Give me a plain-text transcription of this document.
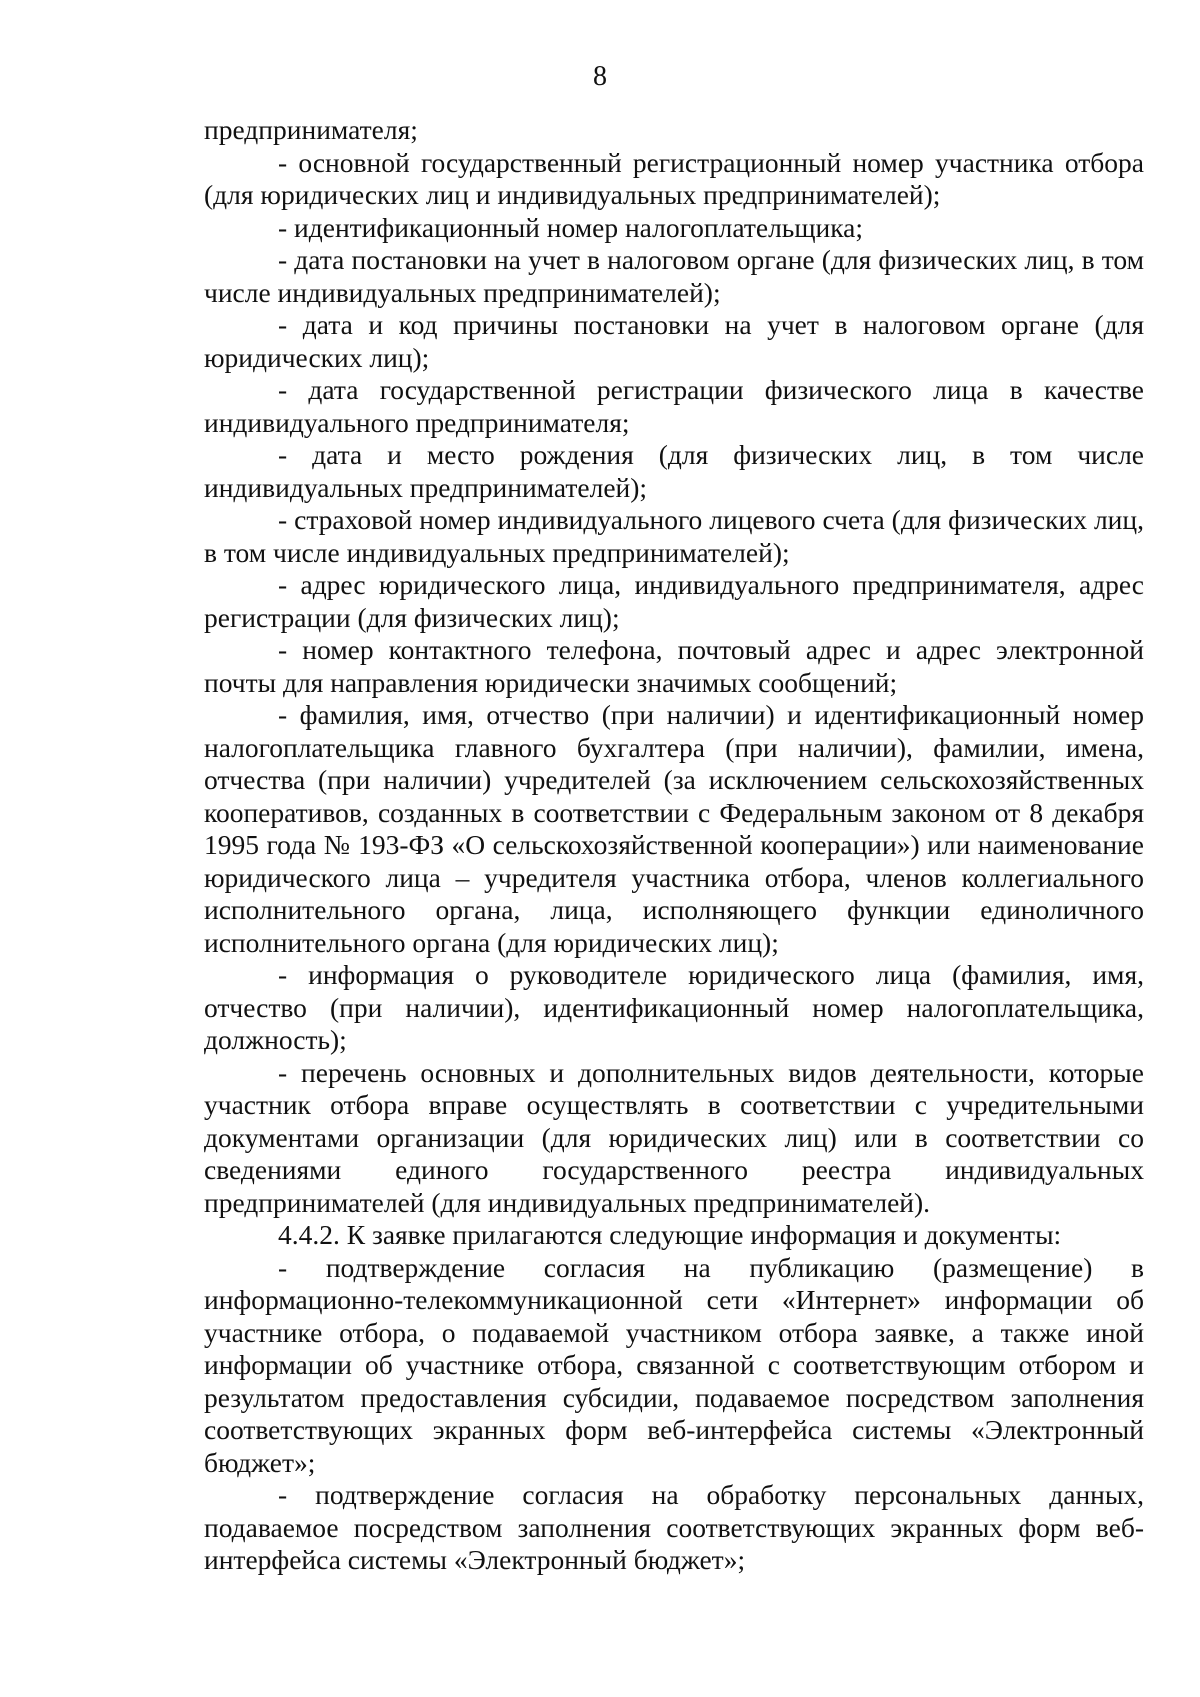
8

предпринимателя;

- основной государственный регистрационный номер участника отбора (для юридических лиц и индивидуальных предпринимателей);

- идентификационный номер налогоплательщика;

- дата постановки на учет в налоговом органе (для физических лиц, в том числе индивидуальных предпринимателей);

- дата и код причины постановки на учет в налоговом органе (для юридических лиц);

- дата государственной регистрации физического лица в качестве индивидуального предпринимателя;

- дата и место рождения (для физических лиц, в том числе индивидуальных предпринимателей);

- страховой номер индивидуального лицевого счета (для физических лиц, в том числе индивидуальных предпринимателей);

- адрес юридического лица, индивидуального предпринимателя, адрес регистрации (для физических лиц);

- номер контактного телефона, почтовый адрес и адрес электронной почты для направления юридически значимых сообщений;

- фамилия, имя, отчество (при наличии) и идентификационный номер налогоплательщика главного бухгалтера (при наличии), фамилии, имена, отчества (при наличии) учредителей (за исключением сельскохозяйственных кооперативов, созданных в соответствии с Федеральным законом от 8 декабря 1995 года № 193-ФЗ «О сельскохозяйственной кооперации») или наименование юридического лица – учредителя участника отбора, членов коллегиального исполнительного органа, лица, исполняющего функции единоличного исполнительного органа (для юридических лиц);

- информация о руководителе юридического лица (фамилия, имя, отчество (при наличии), идентификационный номер налогоплательщика, должность);

- перечень основных и дополнительных видов деятельности, которые участник отбора вправе осуществлять в соответствии с учредительными документами организации (для юридических лиц) или в соответствии со сведениями единого государственного реестра индивидуальных предпринимателей (для индивидуальных предпринимателей).

4.4.2. К заявке прилагаются следующие информация и документы:

- подтверждение согласия на публикацию (размещение) в информационно-телекоммуникационной сети «Интернет» информации об участнике отбора, о подаваемой участником отбора заявке, а также иной информации об участнике отбора, связанной с соответствующим отбором и результатом предоставления субсидии, подаваемое посредством заполнения соответствующих экранных форм веб-интерфейса системы «Электронный бюджет»;

- подтверждение согласия на обработку персональных данных, подаваемое посредством заполнения соответствующих экранных форм веб-интерфейса системы «Электронный бюджет»;
